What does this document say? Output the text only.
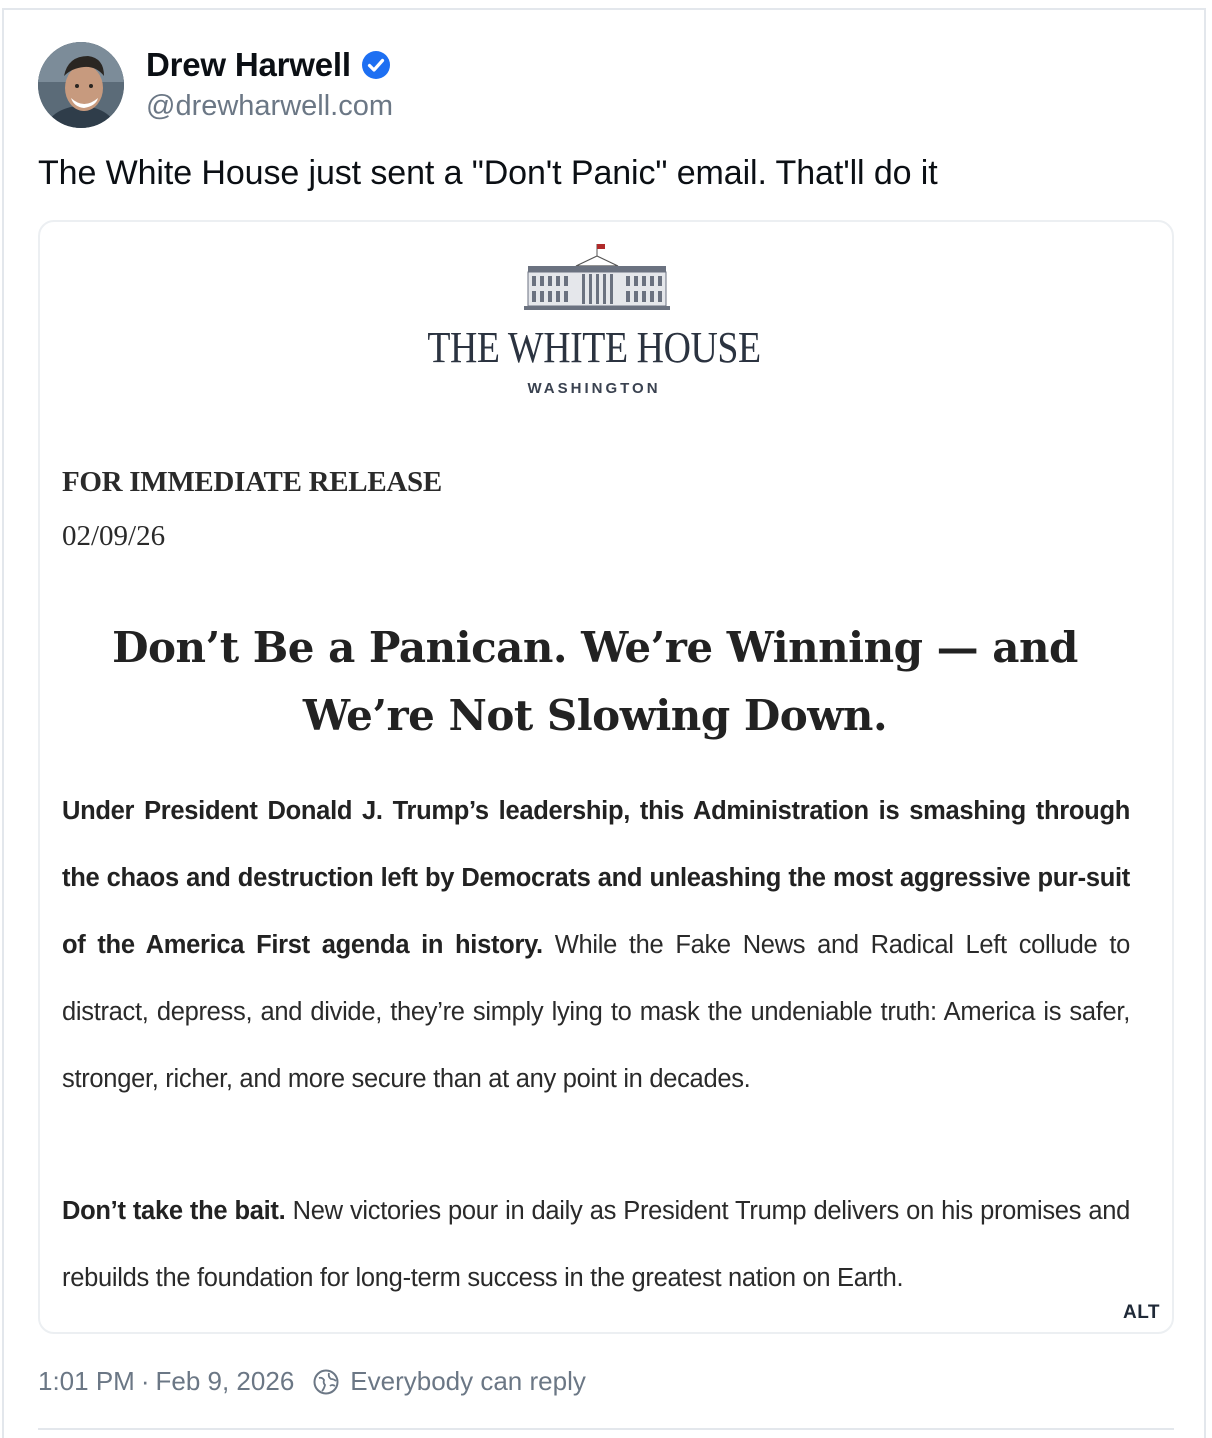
Drew Harwell
@drewharwell.com
The White House just sent a "Don't Panic" email. That'll do it
THE WHITE HOUSE
WASHINGTON
FOR IMMEDIATE RELEASE
02/09/26
Don’t Be a Panican. We’re Winning — and We’re Not Slowing Down.
Under President Donald J. Trump’s leadership, this Administration is smashing through the chaos and destruction left by Democrats and unleashing the most aggressive pur-suit of the America First agenda in history. While the Fake News and Radical Left collude to distract, depress, and divide, they’re simply lying to mask the undeniable truth: America is safer, stronger, richer, and more secure than at any point in decades.
Don’t take the bait. New victories pour in daily as President Trump delivers on his promises and rebuilds the foundation for long-term success in the greatest nation on Earth.
ALT
1:01 PM · Feb 9, 2026 Everybody can reply
